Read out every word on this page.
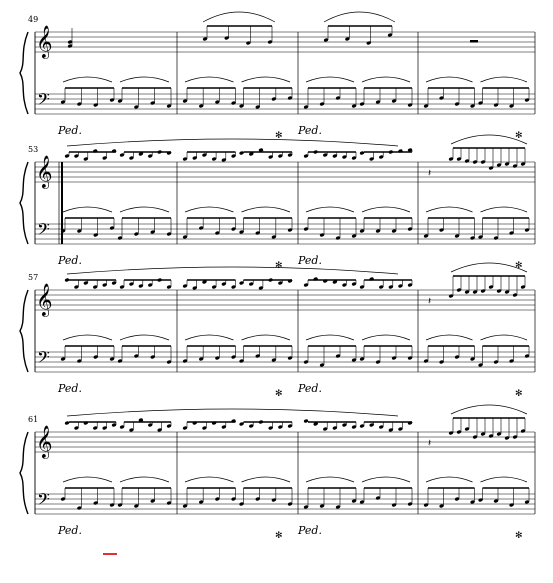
49
𝄞
𝄢
Ped.	✻ Ped.	✻
53
𝄞
𝄢
𝄽
Ped.	✻ Ped.	✻
57
𝄞
𝄢
𝄽
Ped.	✻ Ped.	✻
61
𝄞
𝄢
𝄽
Ped.	✻ Ped.	✻
